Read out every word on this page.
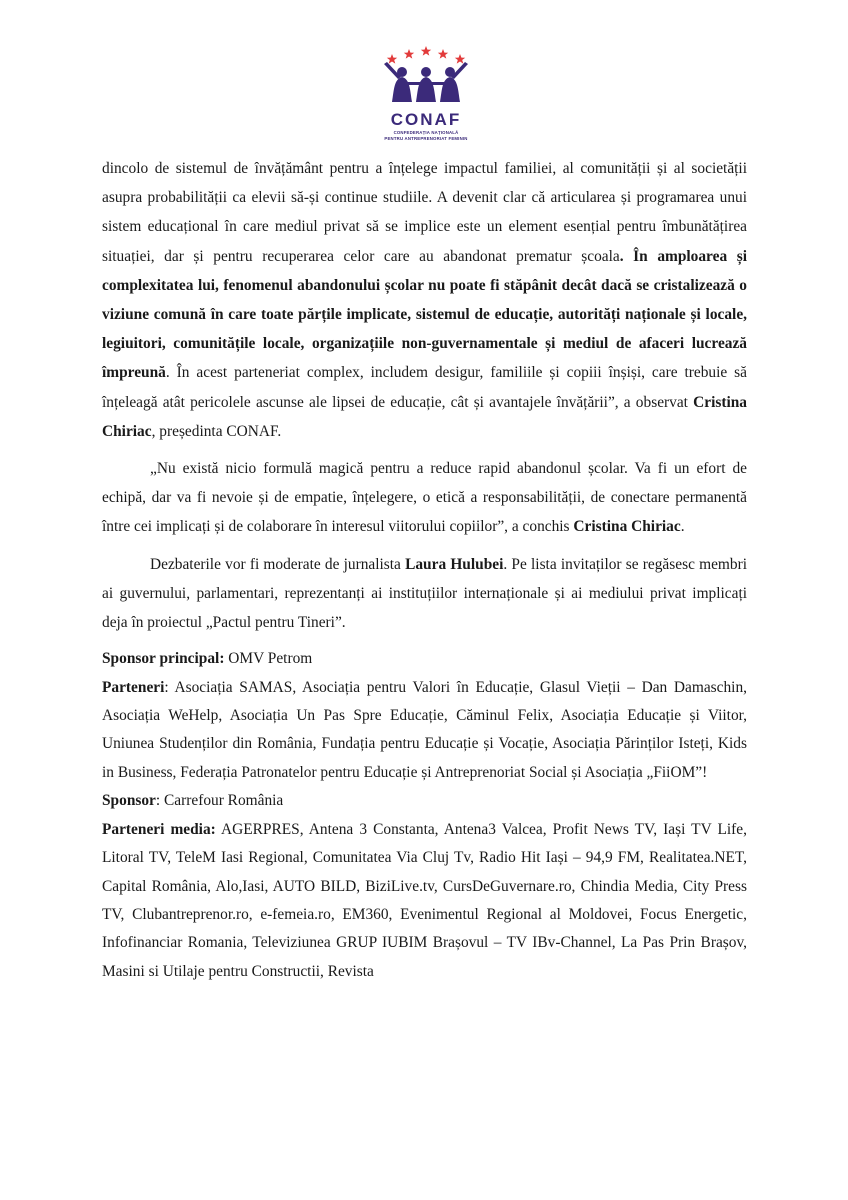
CONAF
CONFEDERAȚIA NAȚIONALĂ
PENTRU ANTREPRENORIAT FEMININ

dincolo de sistemul de învățământ pentru a înțelege impactul familiei, al comunității și al societății asupra probabilității ca elevii să-și continue studiile. A devenit clar că articularea și programarea unui sistem educațional în care mediul privat să se implice este un element esențial pentru îmbunătățirea situației, dar și pentru recuperarea celor care au abandonat prematur școala. În amploarea și complexitatea lui, fenomenul abandonului școlar nu poate fi stăpânit decât dacă se cristalizează o viziune comună în care toate părțile implicate, sistemul de educație, autorități naționale și locale, legiuitori, comunitățile locale, organizațiile non-guvernamentale și mediul de afaceri lucrează împreună. În acest parteneriat complex, includem desigur, familiile și copiii înșiși, care trebuie să înțeleagă atât pericolele ascunse ale lipsei de educație, cât și avantajele învățării”, a observat Cristina Chiriac, președinta CONAF.

„Nu există nicio formulă magică pentru a reduce rapid abandonul școlar. Va fi un efort de echipă, dar va fi nevoie și de empatie, înțelegere, o etică a responsabilității, de conectare permanentă între cei implicați și de colaborare în interesul viitorului copiilor”, a conchis Cristina Chiriac.

Dezbaterile vor fi moderate de jurnalista Laura Hulubei. Pe lista invitaților se regăsesc membri ai guvernului, parlamentari, reprezentanți ai instituțiilor internaționale și ai mediului privat implicați deja în proiectul „Pactul pentru Tineri”.

Sponsor principal: OMV Petrom

Parteneri: Asociația SAMAS, Asociația pentru Valori în Educație, Glasul Vieții – Dan Damaschin, Asociația WeHelp, Asociația Un Pas Spre Educație, Căminul Felix, Asociația Educație și Viitor, Uniunea Studenților din România, Fundația pentru Educație și Vocație, Asociația Părinților Isteți, Kids in Business, Federația Patronatelor pentru Educație și Antreprenoriat Social și Asociația „FiiOM”!

Sponsor: Carrefour România

Parteneri media: AGERPRES, Antena 3 Constanta, Antena3 Valcea, Profit News TV, Iași TV Life, Litoral TV, TeleM Iasi Regional, Comunitatea Via Cluj Tv, Radio Hit Iași – 94,9 FM, Realitatea.NET, Capital România, Alo,Iasi, AUTO BILD, BiziLive.tv, CursDeGuvernare.ro, Chindia Media, City Press TV, Clubantreprenor.ro, e-femeia.ro, EM360, Evenimentul Regional al Moldovei, Focus Energetic, Infofinanciar Romania, Televiziunea GRUP IUBIM Brașovul – TV IBv-Channel, La Pas Prin Brașov, Masini si Utilaje pentru Constructii, Revista
